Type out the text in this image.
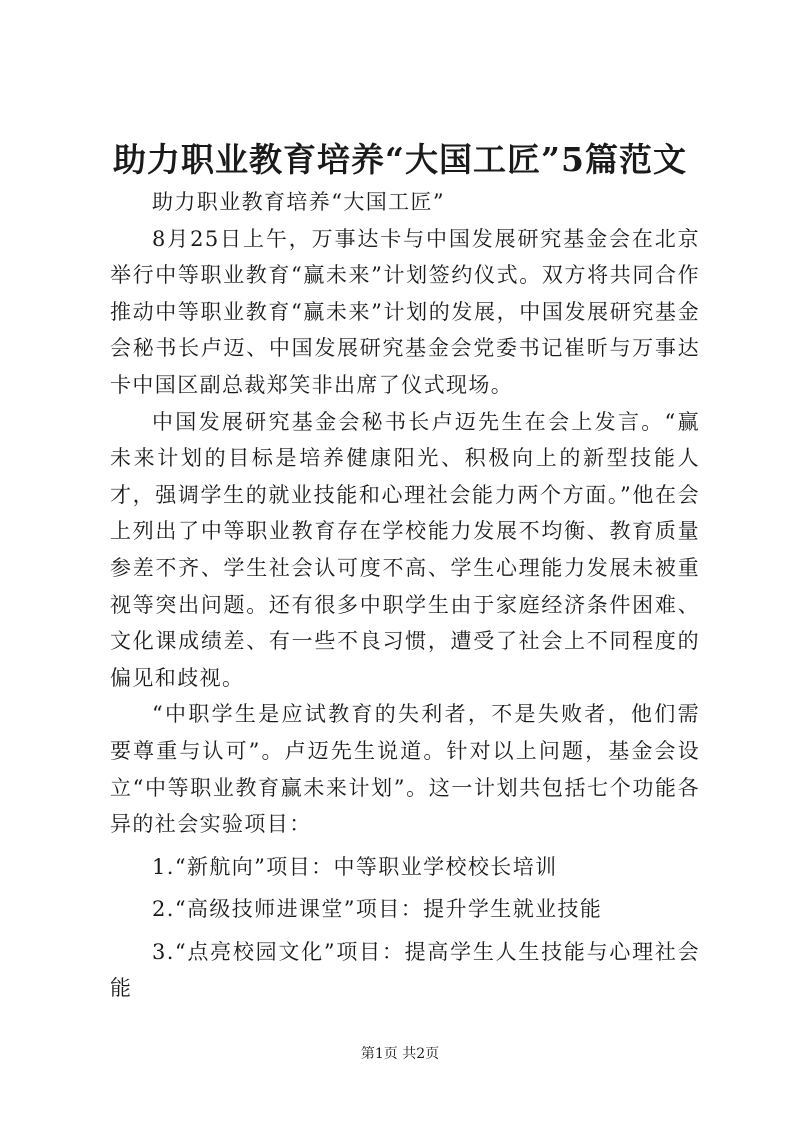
助力职业教育培养“大国工匠”5篇范文

助力职业教育培养“大国工匠”

8月25日上午，万事达卡与中国发展研究基金会在北京举行中等职业教育“赢未来”计划签约仪式。双方将共同合作推动中等职业教育“赢未来”计划的发展，中国发展研究基金会秘书长卢迈、中国发展研究基金会党委书记崔昕与万事达卡中国区副总裁郑笑非出席了仪式现场。

中国发展研究基金会秘书长卢迈先生在会上发言。“赢未来计划的目标是培养健康阳光、积极向上的新型技能人才，强调学生的就业技能和心理社会能力两个方面。”他在会上列出了中等职业教育存在学校能力发展不均衡、教育质量参差不齐、学生社会认可度不高、学生心理能力发展未被重视等突出问题。还有很多中职学生由于家庭经济条件困难、文化课成绩差、有一些不良习惯，遭受了社会上不同程度的偏见和歧视。

“中职学生是应试教育的失利者，不是失败者，他们需要尊重与认可”。卢迈先生说道。针对以上问题，基金会设立“中等职业教育赢未来计划”。这一计划共包括七个功能各异的社会实验项目：

1.“新航向”项目：中等职业学校校长培训

2.“高级技师进课堂”项目：提升学生就业技能

3.“点亮校园文化”项目：提高学生人生技能与心理社会能

第1页 共2页
